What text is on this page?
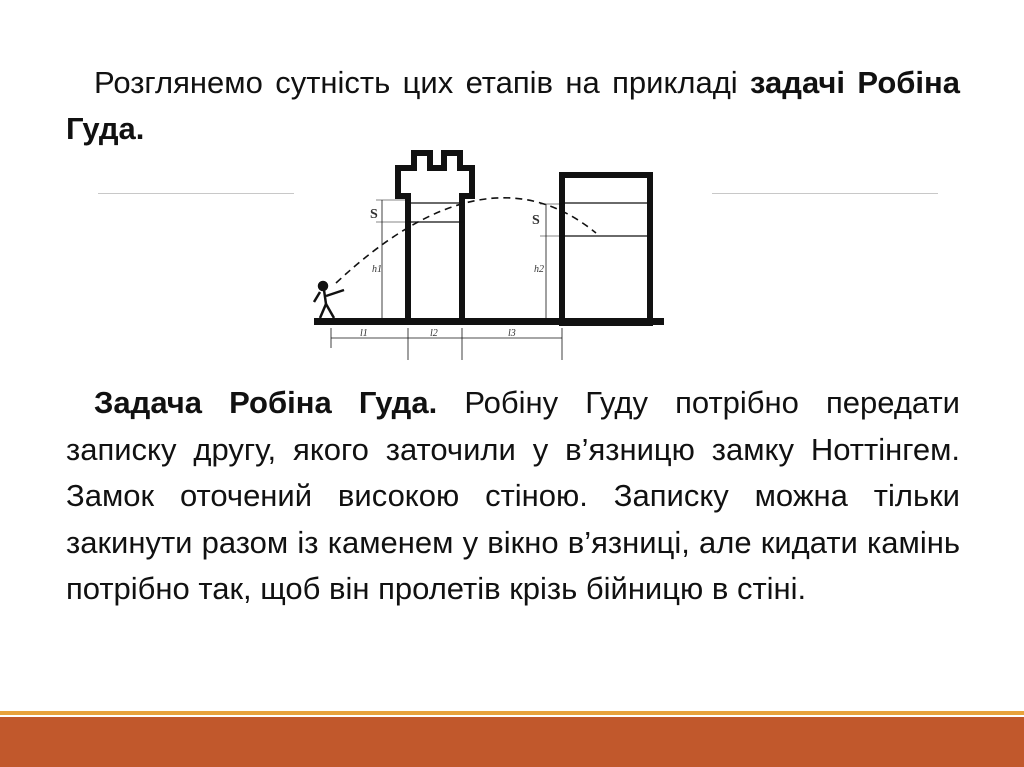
Розглянемо сутність цих етапів на прикладі задачі Робіна Гуда.

S
h1
S
h2
l1	l2	l3

Задача Робіна Гуда. Робіну Гуду потрібно передати записку другу, якого заточили у в’язницю замку Ноттінгем. Замок оточений високою стіною. Записку можна тільки закинути разом із каменем у вікно в’язниці, але кидати камінь потрібно так, щоб він пролетів крізь бійницю в стіні.
